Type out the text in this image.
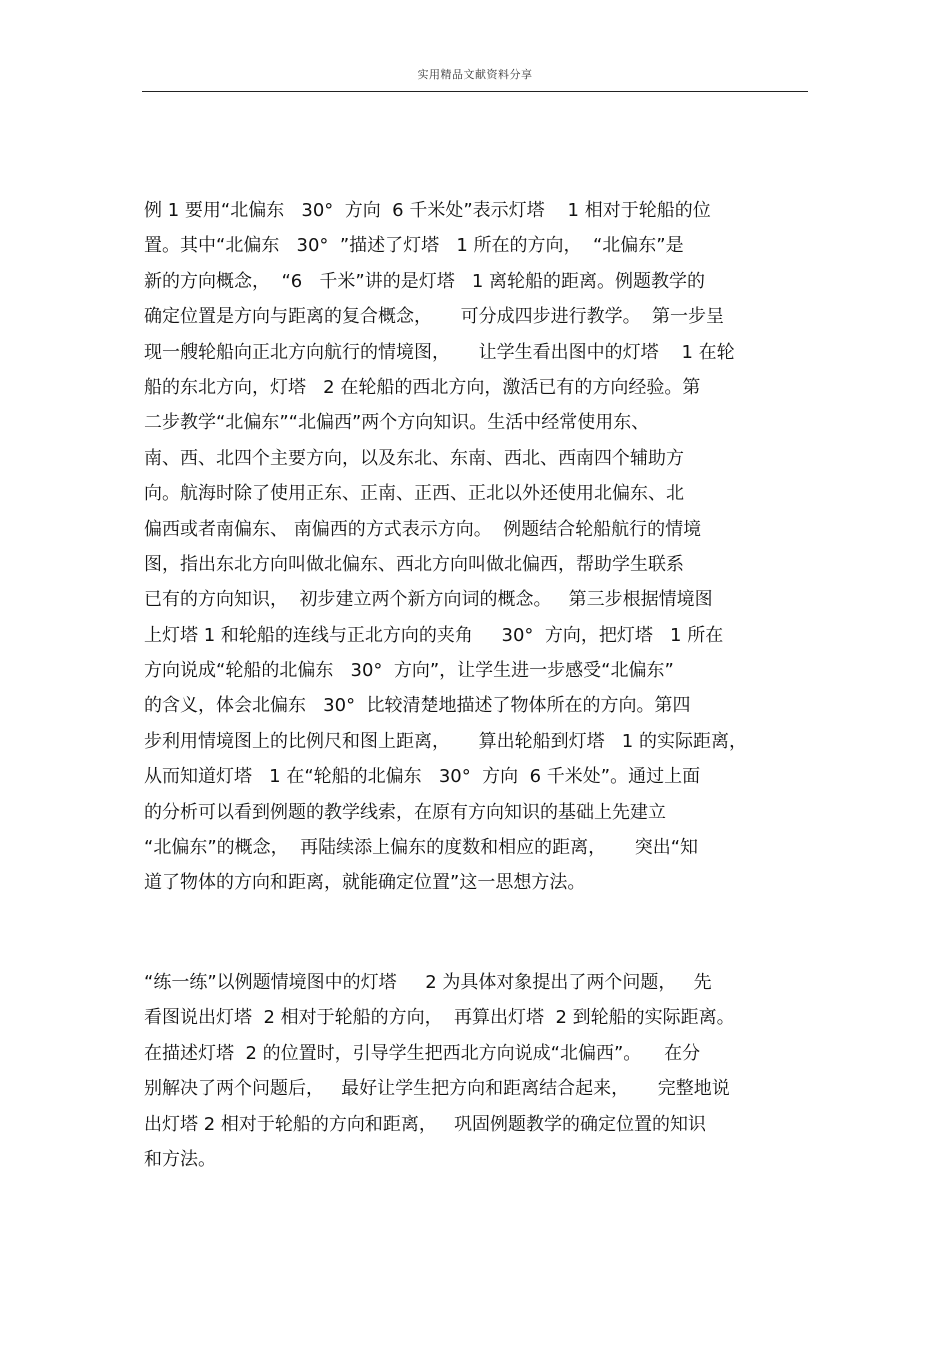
实用精品文献资料分享
例 1 要用“北偏东   30°  方向  6 千米处”表示灯塔    1 相对于轮船的位
置。其中“北偏东   30°  ”描述了灯塔   1 所在的方向，  “北偏东”是
新的方向概念，  “6   千米”讲的是灯塔   1 离轮船的距离。例题教学的
确定位置是方向与距离的复合概念，     可分成四步进行教学。  第一步呈
现一艘轮船向正北方向航行的情境图，     让学生看出图中的灯塔    1 在轮
船的东北方向，灯塔   2 在轮船的西北方向，激活已有的方向经验。第
二步教学“北偏东”“北偏西”两个方向知识。生活中经常使用东、
南、西、北四个主要方向，以及东北、东南、西北、西南四个辅助方
向。航海时除了使用正东、正南、正西、正北以外还使用北偏东、北
偏西或者南偏东、 南偏西的方式表示方向。  例题结合轮船航行的情境
图，指出东北方向叫做北偏东、西北方向叫做北偏西，帮助学生联系
已有的方向知识，  初步建立两个新方向词的概念。   第三步根据情境图
上灯塔 1 和轮船的连线与正北方向的夹角     30°  方向，把灯塔   1 所在
方向说成“轮船的北偏东   30°  方向”，让学生进一步感受“北偏东”
的含义，体会北偏东   30°  比较清楚地描述了物体所在的方向。第四
步利用情境图上的比例尺和图上距离，     算出轮船到灯塔   1 的实际距离，
从而知道灯塔   1 在“轮船的北偏东   30°  方向  6 千米处”。通过上面
的分析可以看到例题的教学线索，在原有方向知识的基础上先建立
“北偏东”的概念，  再陆续添上偏东的度数和相应的距离，     突出“知
道了物体的方向和距离，就能确定位置”这一思想方法。
“练一练”以例题情境图中的灯塔     2 为具体对象提出了两个问题，   先
看图说出灯塔  2 相对于轮船的方向，  再算出灯塔  2 到轮船的实际距离。
在描述灯塔  2 的位置时，引导学生把西北方向说成“北偏西”。    在分
别解决了两个问题后，   最好让学生把方向和距离结合起来，     完整地说
出灯塔 2 相对于轮船的方向和距离，   巩固例题教学的确定位置的知识
和方法。
